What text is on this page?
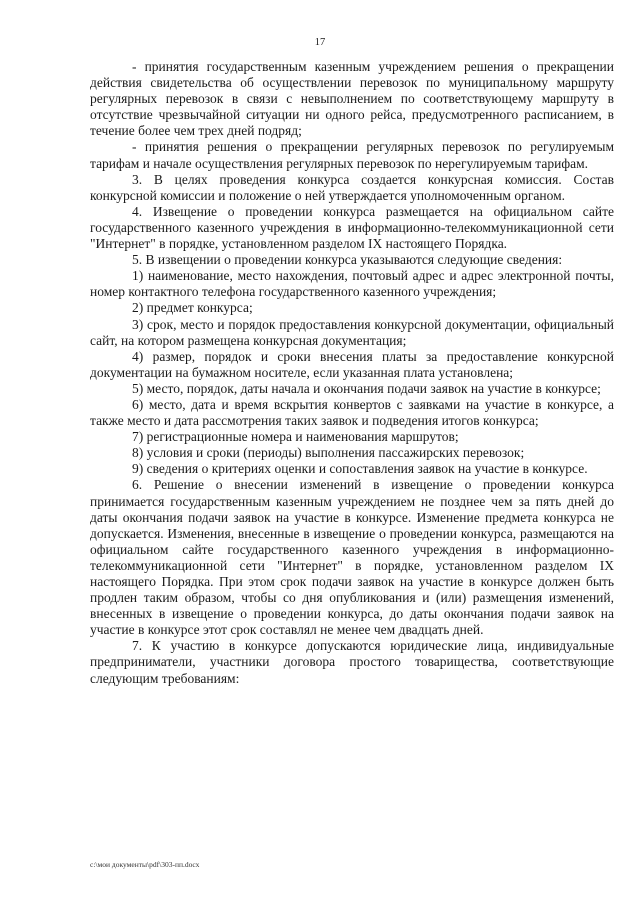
17

- принятия государственным казенным учреждением решения о прекращении действия свидетельства об осуществлении перевозок по муниципальному маршруту регулярных перевозок в связи с невыполнением по соответствующему маршруту в отсутствие чрезвычайной ситуации ни одного рейса, предусмотренного расписанием, в течение более чем трех дней подряд;

- принятия решения о прекращении регулярных перевозок по регулируемым тарифам и начале осуществления регулярных перевозок по нерегулируемым тарифам.

3. В целях проведения конкурса создается конкурсная комиссия. Состав конкурсной комиссии и положение о ней утверждается уполномоченным органом.

4. Извещение о проведении конкурса размещается на официальном сайте государственного казенного учреждения в информационно-телекоммуникационной сети "Интернет" в порядке, установленном разделом IX настоящего Порядка.

5. В извещении о проведении конкурса указываются следующие сведения:

1) наименование, место нахождения, почтовый адрес и адрес электронной почты, номер контактного телефона государственного казенного учреждения;

2) предмет конкурса;

3) срок, место и порядок предоставления конкурсной документации, официальный сайт, на котором размещена конкурсная документация;

4) размер, порядок и сроки внесения платы за предоставление конкурсной документации на бумажном носителе, если указанная плата установлена;

5) место, порядок, даты начала и окончания подачи заявок на участие в конкурсе;

6) место, дата и время вскрытия конвертов с заявками на участие в конкурсе, а также место и дата рассмотрения таких заявок и подведения итогов конкурса;

7) регистрационные номера и наименования маршрутов;

8) условия и сроки (периоды) выполнения пассажирских перевозок;

9) сведения о критериях оценки и сопоставления заявок на участие в конкурсе.

6. Решение о внесении изменений в извещение о проведении конкурса принимается государственным казенным учреждением не позднее чем за пять дней до даты окончания подачи заявок на участие в конкурсе. Изменение предмета конкурса не допускается. Изменения, внесенные в извещение о проведении конкурса, размещаются на официальном сайте государственного казенного учреждения в информационно-телекоммуникационной сети "Интернет" в порядке, установленном разделом IX настоящего Порядка. При этом срок подачи заявок на участие в конкурсе должен быть продлен таким образом, чтобы со дня опубликования и (или) размещения изменений, внесенных в извещение о проведении конкурса, до даты окончания подачи заявок на участие в конкурсе этот срок составлял не менее чем двадцать дней.

7. К участию в конкурсе допускаются юридические лица, индивидуальные предприниматели, участники договора простого товарищества, соответствующие следующим требованиям:

c:\мои документы\pdf\303-пп.docx
